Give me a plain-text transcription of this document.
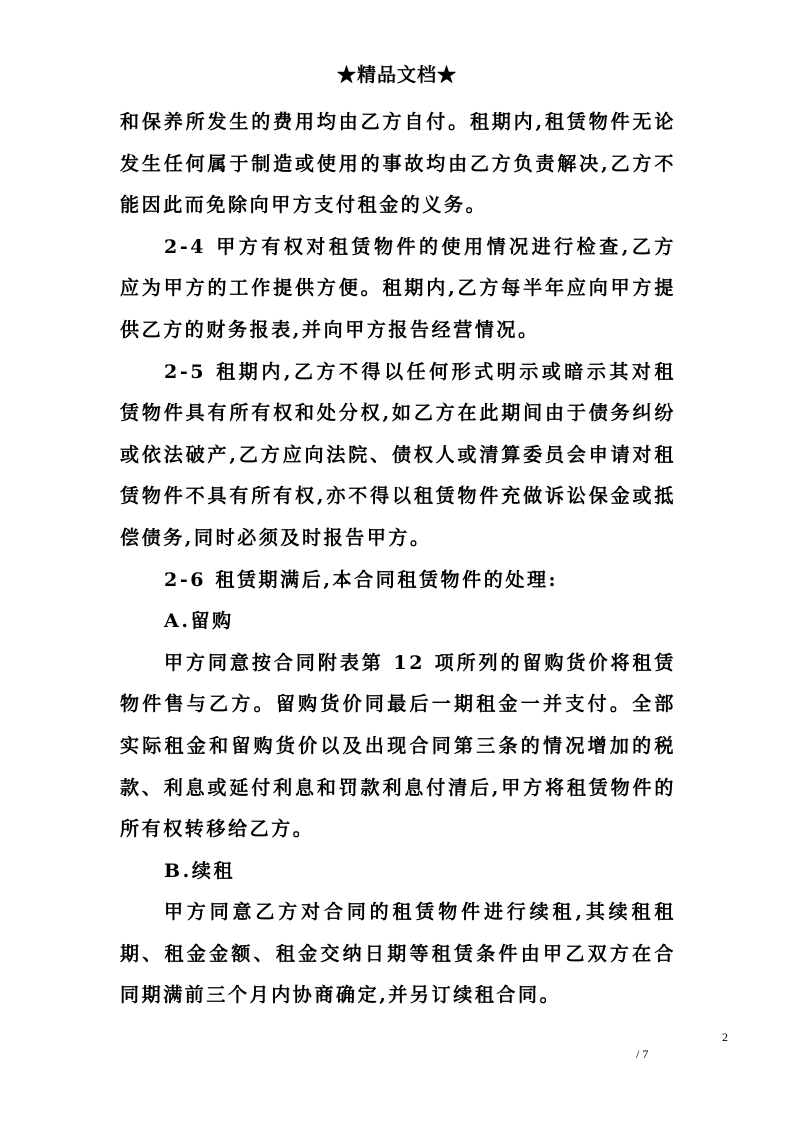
★精品文档★

和保养所发生的费用均由乙方自付。租期内,租赁物件无论发生任何属于制造或使用的事故均由乙方负责解决,乙方不能因此而免除向甲方支付租金的义务。

2-4 甲方有权对租赁物件的使用情况进行检查,乙方应为甲方的工作提供方便。租期内,乙方每半年应向甲方提供乙方的财务报表,并向甲方报告经营情况。

2-5 租期内,乙方不得以任何形式明示或暗示其对租赁物件具有所有权和处分权,如乙方在此期间由于债务纠纷或依法破产,乙方应向法院、债权人或清算委员会申请对租赁物件不具有所有权,亦不得以租赁物件充做诉讼保金或抵偿债务,同时必须及时报告甲方。

2-6 租赁期满后,本合同租赁物件的处理:

A.留购

甲方同意按合同附表第 12 项所列的留购货价将租赁物件售与乙方。留购货价同最后一期租金一并支付。全部实际租金和留购货价以及出现合同第三条的情况增加的税款、利息或延付利息和罚款利息付清后,甲方将租赁物件的所有权转移给乙方。

B.续租

甲方同意乙方对合同的租赁物件进行续租,其续租租期、租金金额、租金交纳日期等租赁条件由甲乙双方在合同期满前三个月内协商确定,并另订续租合同。

2
/ 7
